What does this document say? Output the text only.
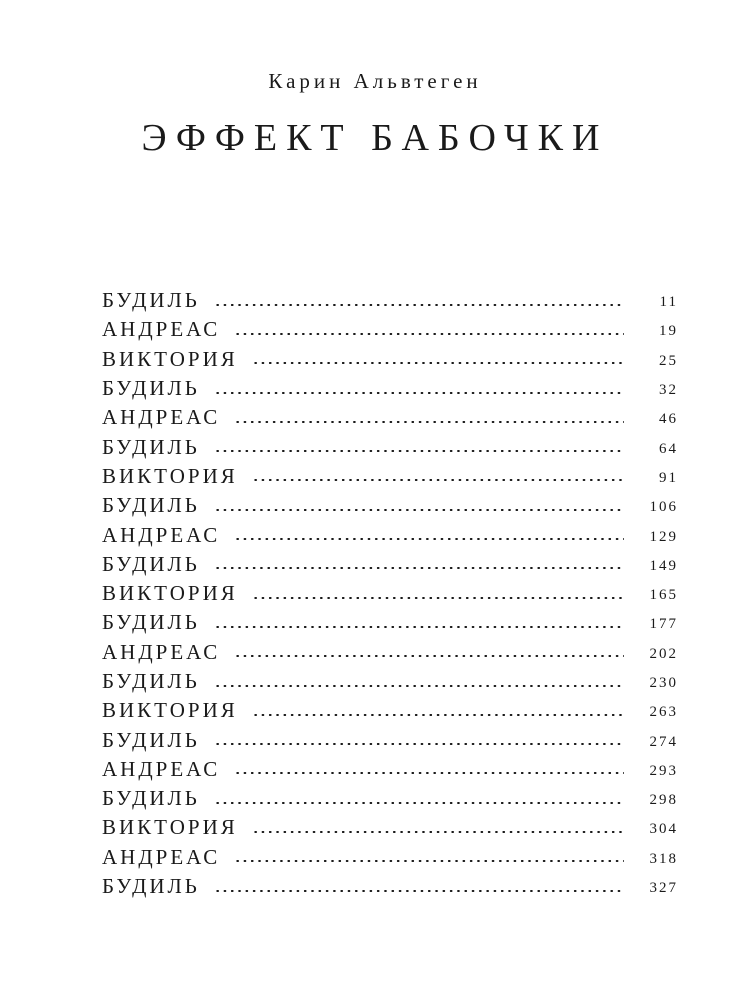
Карин Альвтеген

ЭФФЕКТ БАБОЧКИ
БУДИЛЬ	11
АНДРЕАС	19
ВИКТОРИЯ	25
БУДИЛЬ	32
АНДРЕАС	46
БУДИЛЬ	64
ВИКТОРИЯ	91
БУДИЛЬ	106
АНДРЕАС	129
БУДИЛЬ	149
ВИКТОРИЯ	165
БУДИЛЬ	177
АНДРЕАС	202
БУДИЛЬ	230
ВИКТОРИЯ	263
БУДИЛЬ	274
АНДРЕАС	293
БУДИЛЬ	298
ВИКТОРИЯ	304
АНДРЕАС	318
БУДИЛЬ	327
